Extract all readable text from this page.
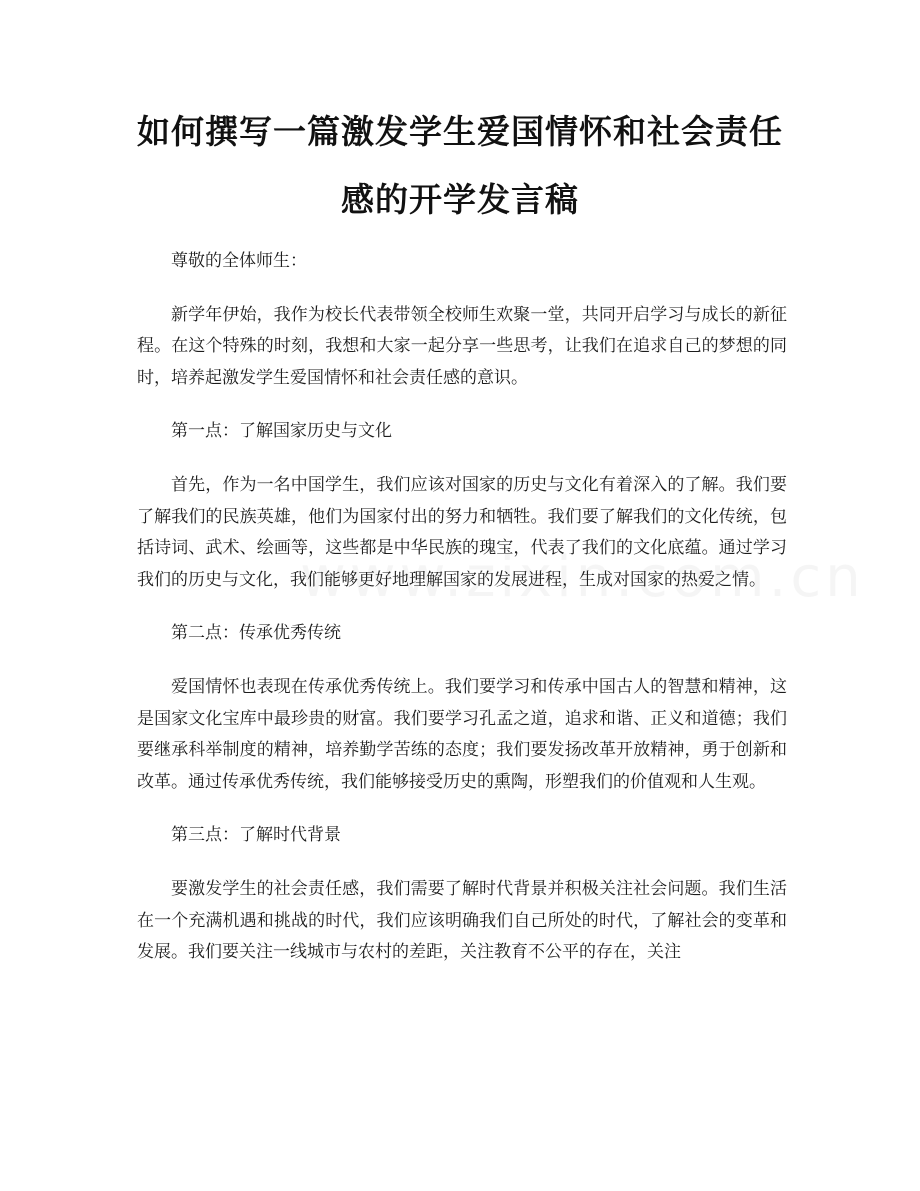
如何撰写一篇激发学生爱国情怀和社会责任感的开学发言稿

尊敬的全体师生：

新学年伊始，我作为校长代表带领全校师生欢聚一堂，共同开启学习与成长的新征程。在这个特殊的时刻，我想和大家一起分享一些思考，让我们在追求自己的梦想的同时，培养起激发学生爱国情怀和社会责任感的意识。

第一点：了解国家历史与文化

首先，作为一名中国学生，我们应该对国家的历史与文化有着深入的了解。我们要了解我们的民族英雄，他们为国家付出的努力和牺牲。我们要了解我们的文化传统，包括诗词、武术、绘画等，这些都是中华民族的瑰宝，代表了我们的文化底蕴。通过学习我们的历史与文化，我们能够更好地理解国家的发展进程，生成对国家的热爱之情。

第二点：传承优秀传统

爱国情怀也表现在传承优秀传统上。我们要学习和传承中国古人的智慧和精神，这是国家文化宝库中最珍贵的财富。我们要学习孔孟之道，追求和谐、正义和道德；我们要继承科举制度的精神，培养勤学苦练的态度；我们要发扬改革开放精神，勇于创新和改革。通过传承优秀传统，我们能够接受历史的熏陶，形塑我们的价值观和人生观。

第三点：了解时代背景

要激发学生的社会责任感，我们需要了解时代背景并积极关注社会问题。我们生活在一个充满机遇和挑战的时代，我们应该明确我们自己所处的时代，了解社会的变革和发展。我们要关注一线城市与农村的差距，关注教育不公平的存在，关注
